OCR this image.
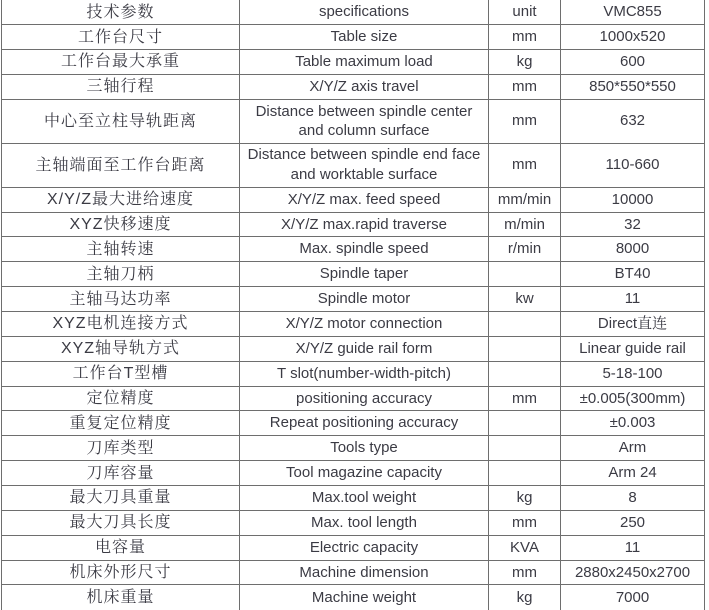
技术参数	specifications	unit	VMC855
工作台尺寸	Table size	mm	1000x520
工作台最大承重	Table maximum load	kg	600
三轴行程	X/Y/Z axis travel	mm	850*550*550
中心至立柱导轨距离	Distance between spindle center and column surface	mm	632
主轴端面至工作台距离	Distance between spindle end face and worktable surface	mm	110-660
X/Y/Z最大进给速度	X/Y/Z max. feed speed	mm/min	10000
XYZ快移速度	X/Y/Z max.rapid traverse	m/min	32
主轴转速	Max. spindle speed	r/min	8000
主轴刀柄	Spindle taper		BT40
主轴马达功率	Spindle motor	kw	11
XYZ电机连接方式	X/Y/Z motor connection		Direct直连
XYZ轴导轨方式	X/Y/Z guide rail form		Linear guide rail
工作台T型槽	T slot(number-width-pitch)		5-18-100
定位精度	positioning accuracy	mm	±0.005(300mm)
重复定位精度	Repeat positioning accuracy		±0.003
刀库类型	Tools type		Arm
刀库容量	Tool magazine capacity		Arm 24
最大刀具重量	Max.tool weight	kg	8
最大刀具长度	Max. tool length	mm	250
电容量	Electric capacity	KVA	11
机床外形尺寸	Machine dimension	mm	2880x2450x2700
机床重量	Machine weight	kg	7000
